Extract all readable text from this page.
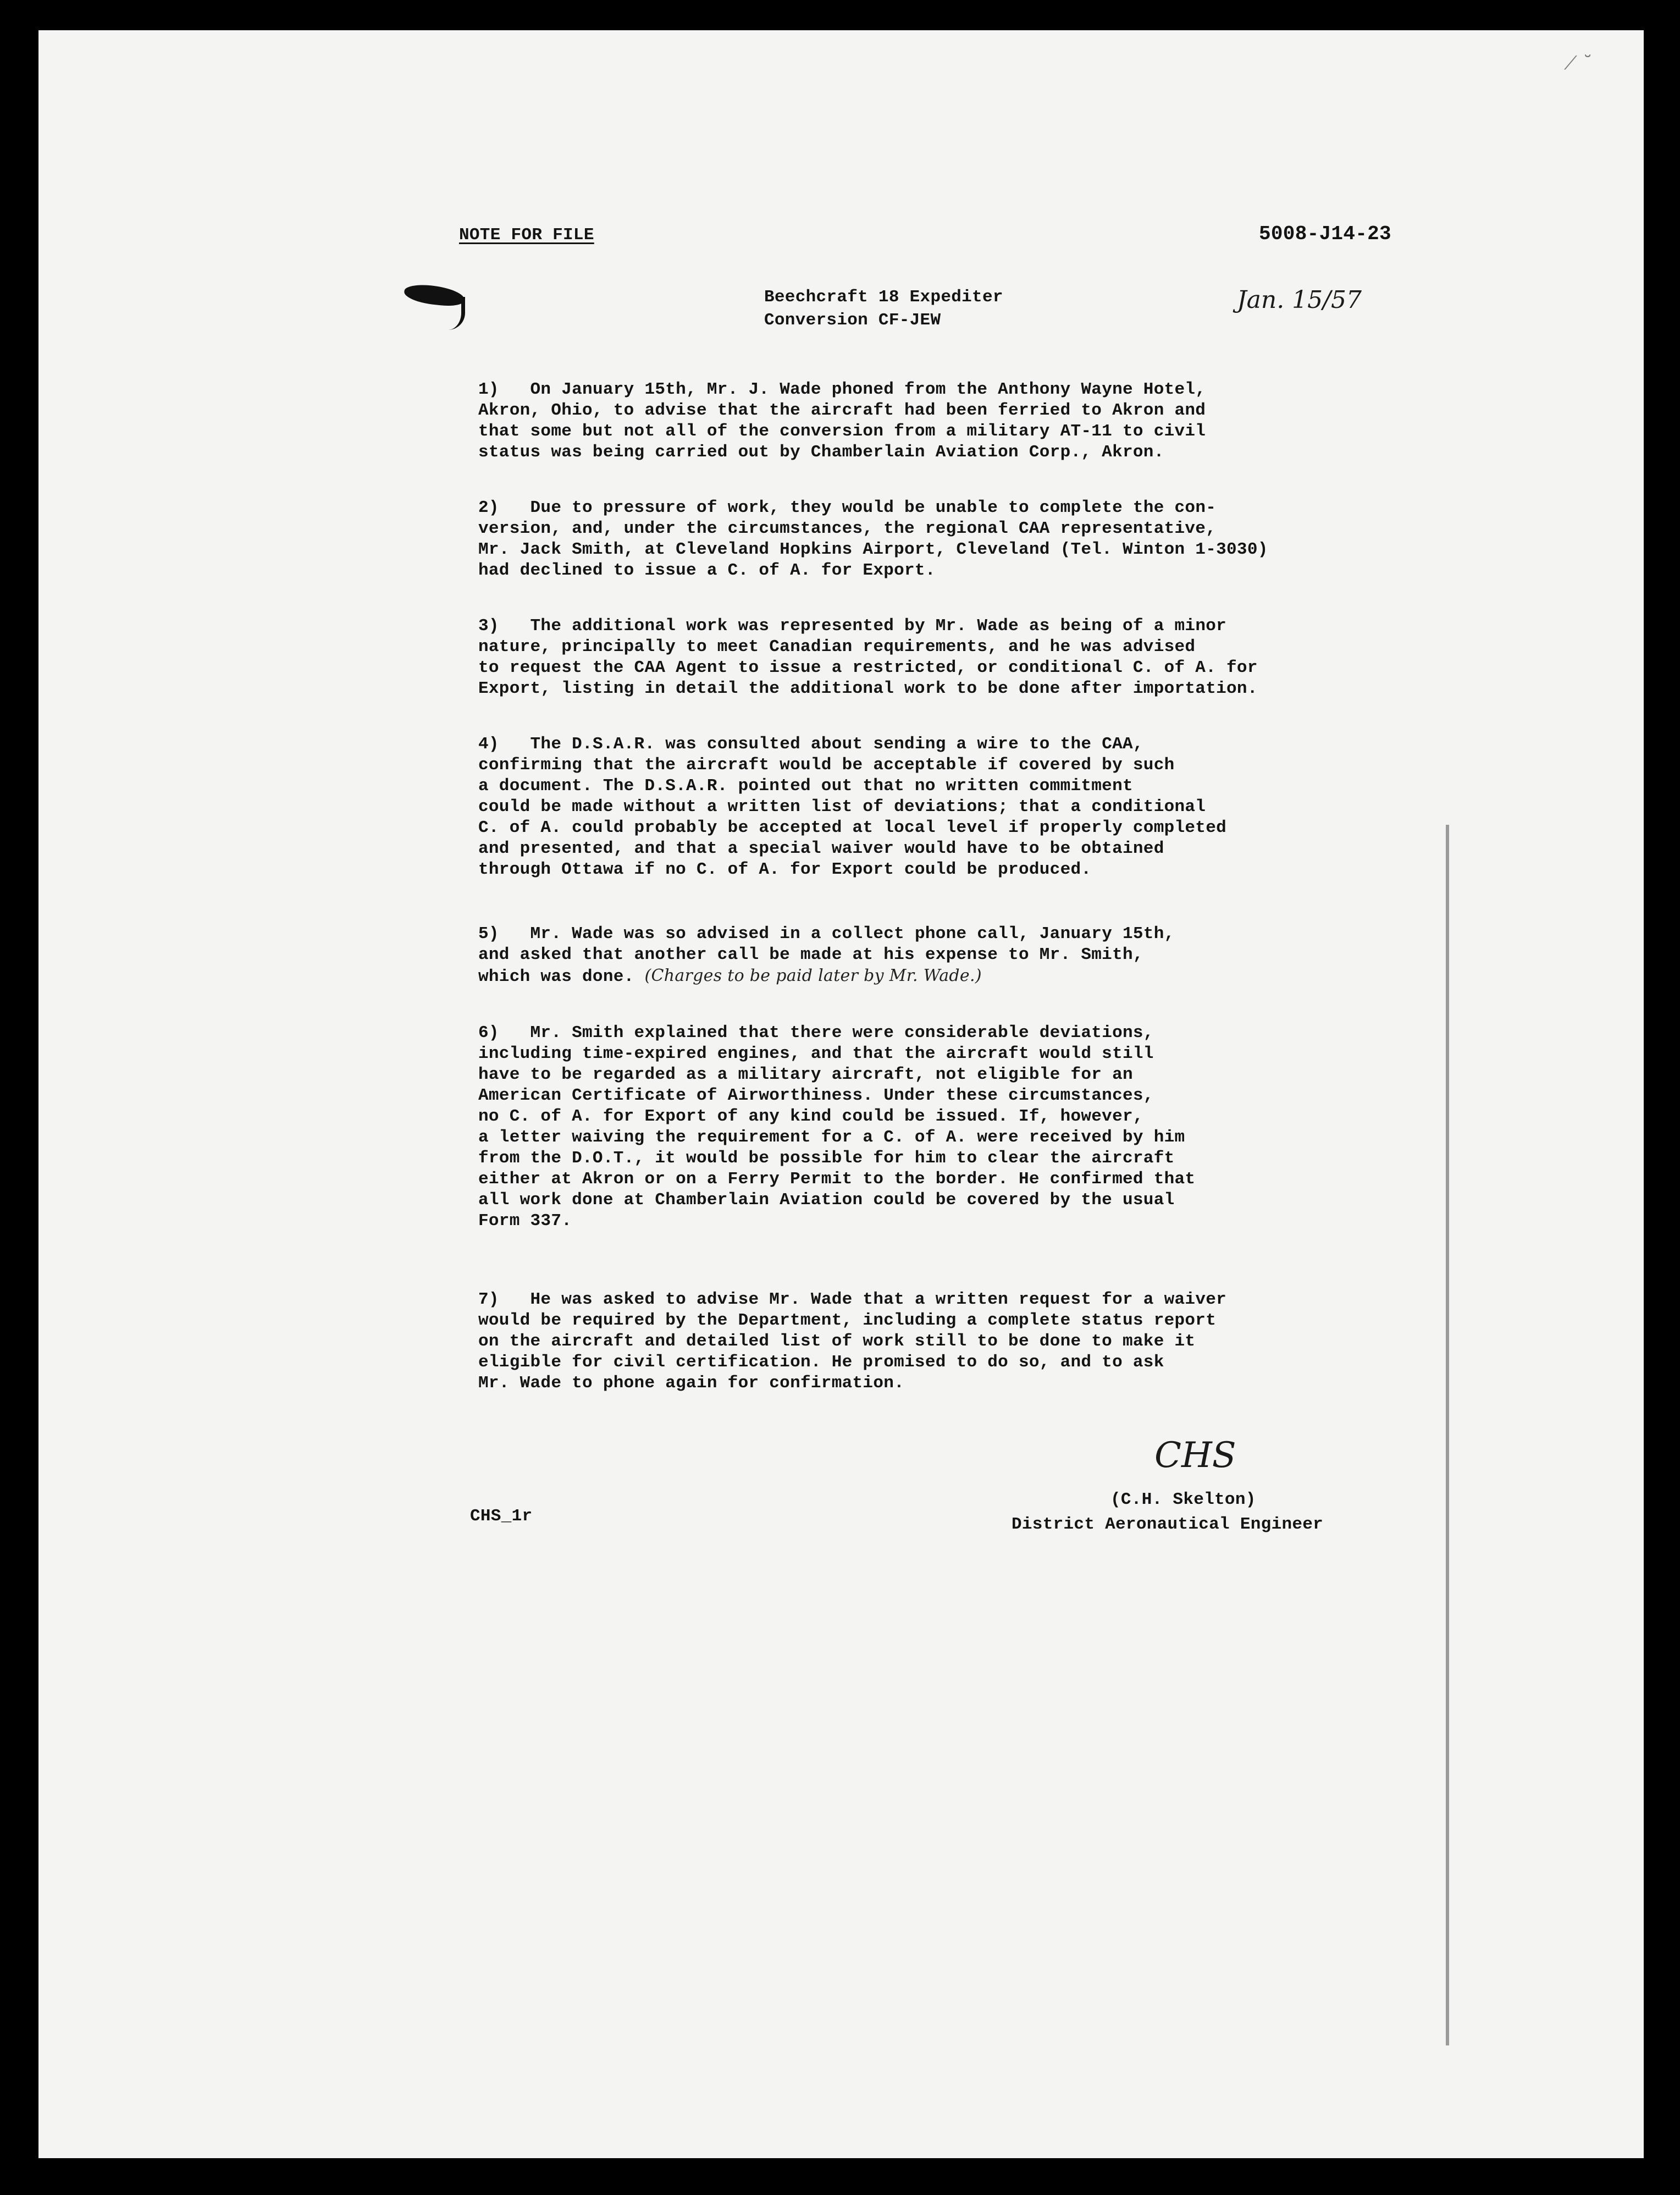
⟋ ˘
NOTE FOR FILE	5008-J14-23
Jan. 15/57
Beechcraft 18 Expediter
Conversion CF-JEW
1) On January 15th, Mr. J. Wade phoned from the Anthony Wayne Hotel,
Akron, Ohio, to advise that the aircraft had been ferried to Akron and
that some but not all of the conversion from a military AT-11 to civil
status was being carried out by Chamberlain Aviation Corp., Akron.
2) Due to pressure of work, they would be unable to complete the con-
version, and, under the circumstances, the regional CAA representative,
Mr. Jack Smith, at Cleveland Hopkins Airport, Cleveland (Tel. Winton 1-3030)
had declined to issue a C. of A. for Export.
3) The additional work was represented by Mr. Wade as being of a minor
nature, principally to meet Canadian requirements, and he was advised
to request the CAA Agent to issue a restricted, or conditional C. of A. for
Export, listing in detail the additional work to be done after importation.
4) The D.S.A.R. was consulted about sending a wire to the CAA,
confirming that the aircraft would be acceptable if covered by such
a document. The D.S.A.R. pointed out that no written commitment
could be made without a written list of deviations; that a conditional
C. of A. could probably be accepted at local level if properly completed
and presented, and that a special waiver would have to be obtained
through Ottawa if no C. of A. for Export could be produced.
5) Mr. Wade was so advised in a collect phone call, January 15th,
and asked that another call be made at his expense to Mr. Smith,
which was done. (Charges to be paid later by Mr. Wade.)
6) Mr. Smith explained that there were considerable deviations,
including time-expired engines, and that the aircraft would still
have to be regarded as a military aircraft, not eligible for an
American Certificate of Airworthiness. Under these circumstances,
no C. of A. for Export of any kind could be issued. If, however,
a letter waiving the requirement for a C. of A. were received by him
from the D.O.T., it would be possible for him to clear the aircraft
either at Akron or on a Ferry Permit to the border. He confirmed that
all work done at Chamberlain Aviation could be covered by the usual
Form 337.
7) He was asked to advise Mr. Wade that a written request for a waiver
would be required by the Department, including a complete status report
on the aircraft and detailed list of work still to be done to make it
eligible for civil certification. He promised to do so, and to ask
Mr. Wade to phone again for confirmation.
CHS
(C.H. Skelton)
District Aeronautical Engineer
CHS_1r
